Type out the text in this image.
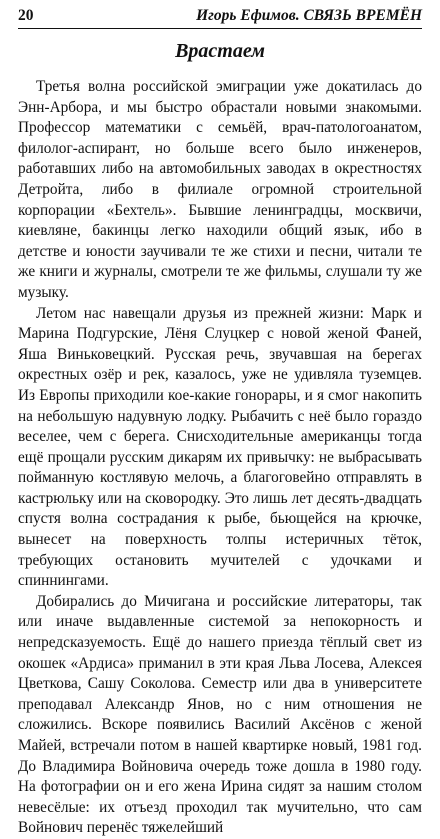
20	Игорь Ефимов. СВЯЗЬ ВРЕМЁН
Врастаем

Третья волна российской эмиграции уже докатилась до Энн-Арбора, и мы быстро обрастали новыми знакомыми. Профессор математики с семьёй, врач-патологоанатом, филолог-аспирант, но больше всего было инженеров, работавших либо на автомобильных заводах в окрестностях Детройта, либо в филиале огромной строительной корпорации «Бехтель». Бывшие ленинградцы, москвичи, киевляне, бакинцы легко находили общий язык, ибо в детстве и юности заучивали те же стихи и песни, читали те же книги и журналы, смотрели те же фильмы, слушали ту же музыку.

Летом нас навещали друзья из прежней жизни: Марк и Марина Подгурские, Лёня Слуцкер с новой женой Фаней, Яша Виньковецкий. Русская речь, звучавшая на берегах окрестных озёр и рек, казалось, уже не удивляла туземцев. Из Европы приходили кое-какие гонорары, и я смог накопить на небольшую надувную лодку. Рыбачить с неё было гораздо веселее, чем с берега. Снисходительные американцы тогда ещё прощали русским дикарям их привычку: не выбрасывать пойманную костлявую мелочь, а благоговейно отправлять в кастрюльку или на сковородку. Это лишь лет десять-двадцать спустя волна сострадания к рыбе, бьющейся на крючке, вынесет на поверхность толпы истеричных тёток, требующих остановить мучителей с удочками и спиннингами.

Добирались до Мичигана и российские литераторы, так или иначе выдавленные системой за непокорность и непредсказуемость. Ещё до нашего приезда тёплый свет из окошек «Ардиса» приманил в эти края Льва Лосева, Алексея Цветкова, Сашу Соколова. Семестр или два в университете преподавал Александр Янов, но с ним отношения не сложились. Вскоре появились Василий Аксёнов с женой Майей, встречали потом в нашей квартирке новый, 1981 год. До Владимира Войновича очередь тоже дошла в 1980 году. На фотографии он и его жена Ирина сидят за нашим столом невесёлые: их отъезд проходил так мучительно, что сам Войнович перенёс тяжелейший
